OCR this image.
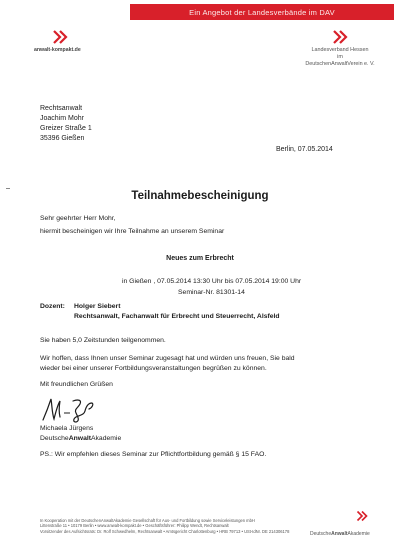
Ein Angebot der Landesverbände im DAV
anwalt-kompakt.de	Landesverband Hessen
im
DeutschenAnwaltVerein e. V.
Rechtsanwalt
Joachim Mohr
Greizer Straße 1
35396 Gießen
Berlin, 07.05.2014
Teilnahmebescheinigung
Sehr geehrter Herr Mohr,
hiermit bescheinigen wir Ihre Teilnahme an unserem Seminar
Neues zum Erbrecht
in Gießen , 07.05.2014 13:30 Uhr bis 07.05.2014 19:00 Uhr
Seminar-Nr. 81301-14
Dozent: Holger Siebert
Rechtsanwalt, Fachanwalt für Erbrecht und Steuerrecht, Alsfeld
Sie haben 5,0 Zeitstunden teilgenommen.
Wir hoffen, dass Ihnen unser Seminar zugesagt hat und würden uns freuen, Sie bald
wieder bei einer unserer Fortbildungsveranstaltungen begrüßen zu können.
Mit freundlichen Grüßen
Michaela Jürgens
DeutscheAnwaltAkademie
PS.: Wir empfehlen dieses Seminar zur Pflichtfortbildung gemäß § 15 FAO.
In Kooperation mit der DeutschenAnwaltAkademie Gesellschaft für Aus- und Fortbildung sowie Serviceleistungen mbH
Littenstraße 11 • 10179 Berlin • www.anwalt-kompakt.de • Geschäftsführer: Philipp Wendt, Rechtsanwalt
Vorsitzender des Aufsichtsrats: Dr. Rolf Schwedhelm, Rechtsanwalt • Amtsgericht Charlottenburg • HRB 79713 • USt-IdNr. DE 214306178	DeutscheAnwaltAkademie
